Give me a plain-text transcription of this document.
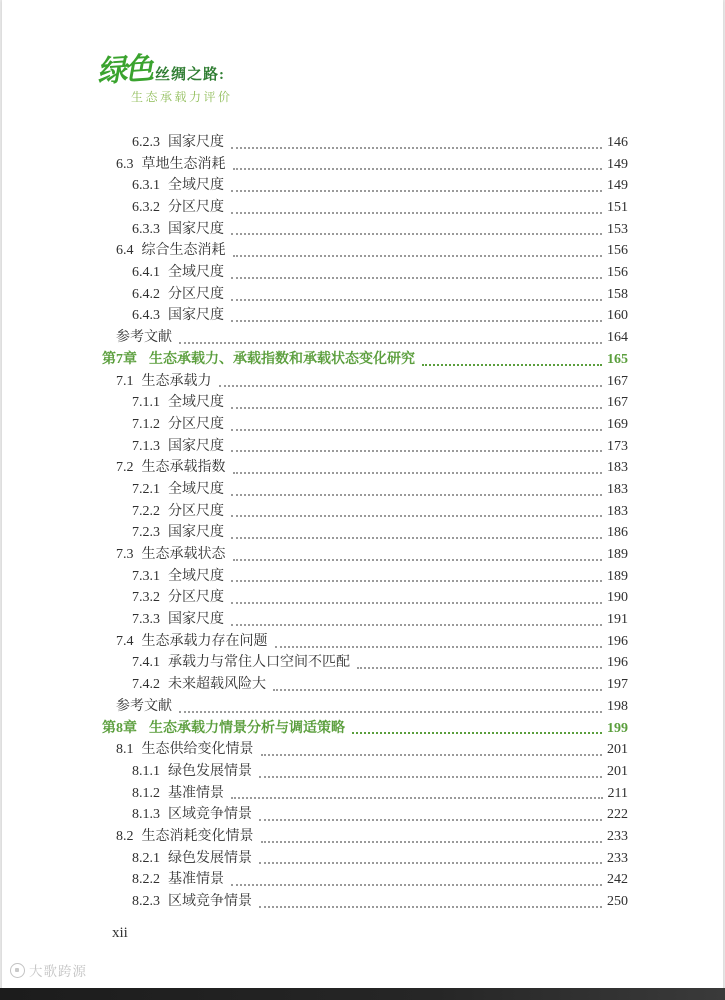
绿色 丝绸之路:
生态承载力评价
6.2.3 国家尺度	146
6.3 草地生态消耗	149
6.3.1 全域尺度	149
6.3.2 分区尺度	151
6.3.3 国家尺度	153
6.4 综合生态消耗	156
6.4.1 全域尺度	156
6.4.2 分区尺度	158
6.4.3 国家尺度	160
参考文献	164
第7章 生态承载力、承载指数和承载状态变化研究	165
7.1 生态承载力	167
7.1.1 全域尺度	167
7.1.2 分区尺度	169
7.1.3 国家尺度	173
7.2 生态承载指数	183
7.2.1 全域尺度	183
7.2.2 分区尺度	183
7.2.3 国家尺度	186
7.3 生态承载状态	189
7.3.1 全域尺度	189
7.3.2 分区尺度	190
7.3.3 国家尺度	191
7.4 生态承载力存在问题	196
7.4.1 承载力与常住人口空间不匹配	196
7.4.2 未来超载风险大	197
参考文献	198
第8章 生态承载力情景分析与调适策略	199
8.1 生态供给变化情景	201
8.1.1 绿色发展情景	201
8.1.2 基准情景	211
8.1.3 区域竞争情景	222
8.2 生态消耗变化情景	233
8.2.1 绿色发展情景	233
8.2.2 基准情景	242
8.2.3 区域竞争情景	250
xii
大歌跨源
